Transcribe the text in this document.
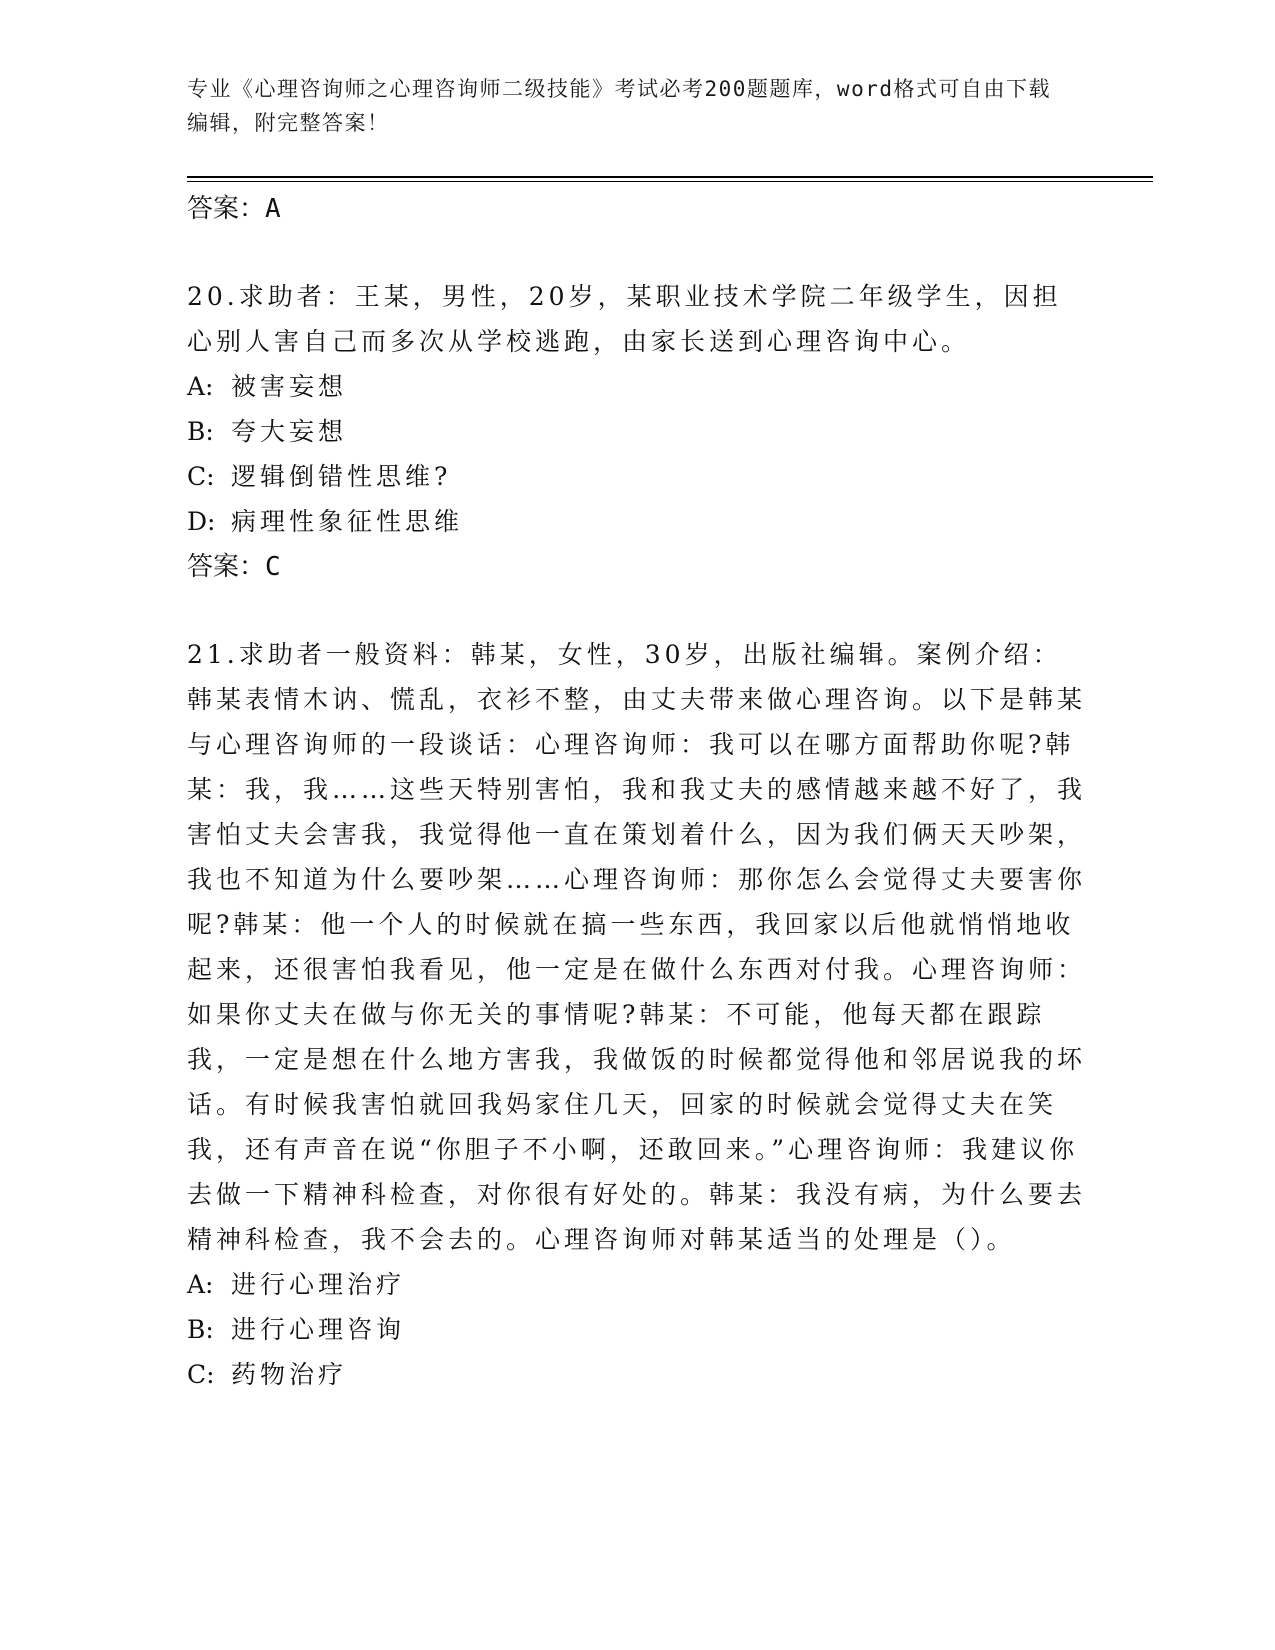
专业《心理咨询师之心理咨询师二级技能》考试必考200题题库，word格式可自由下载编辑，附完整答案！

答案：A

20.求助者：王某，男性，20岁，某职业技术学院二年级学生，因担心别人害自己而多次从学校逃跑，由家长送到心理咨询中心。

A: 被害妄想

B: 夸大妄想

C: 逻辑倒错性思维?

D: 病理性象征性思维

答案：C

21.求助者一般资料：韩某，女性，30岁，出版社编辑。案例介绍：韩某表情木讷、慌乱，衣衫不整，由丈夫带来做心理咨询。以下是韩某与心理咨询师的一段谈话：心理咨询师：我可以在哪方面帮助你呢?韩某：我，我……这些天特别害怕，我和我丈夫的感情越来越不好了，我害怕丈夫会害我，我觉得他一直在策划着什么，因为我们俩天天吵架，我也不知道为什么要吵架……心理咨询师：那你怎么会觉得丈夫要害你呢?韩某：他一个人的时候就在搞一些东西，我回家以后他就悄悄地收起来，还很害怕我看见，他一定是在做什么东西对付我。心理咨询师：如果你丈夫在做与你无关的事情呢?韩某：不可能，他每天都在跟踪我，一定是想在什么地方害我，我做饭的时候都觉得他和邻居说我的坏话。有时候我害怕就回我妈家住几天，回家的时候就会觉得丈夫在笑我，还有声音在说“你胆子不小啊，还敢回来。”心理咨询师：我建议你去做一下精神科检查，对你很有好处的。韩某：我没有病，为什么要去精神科检查，我不会去的。心理咨询师对韩某适当的处理是（）。

A: 进行心理治疗

B: 进行心理咨询

C: 药物治疗
